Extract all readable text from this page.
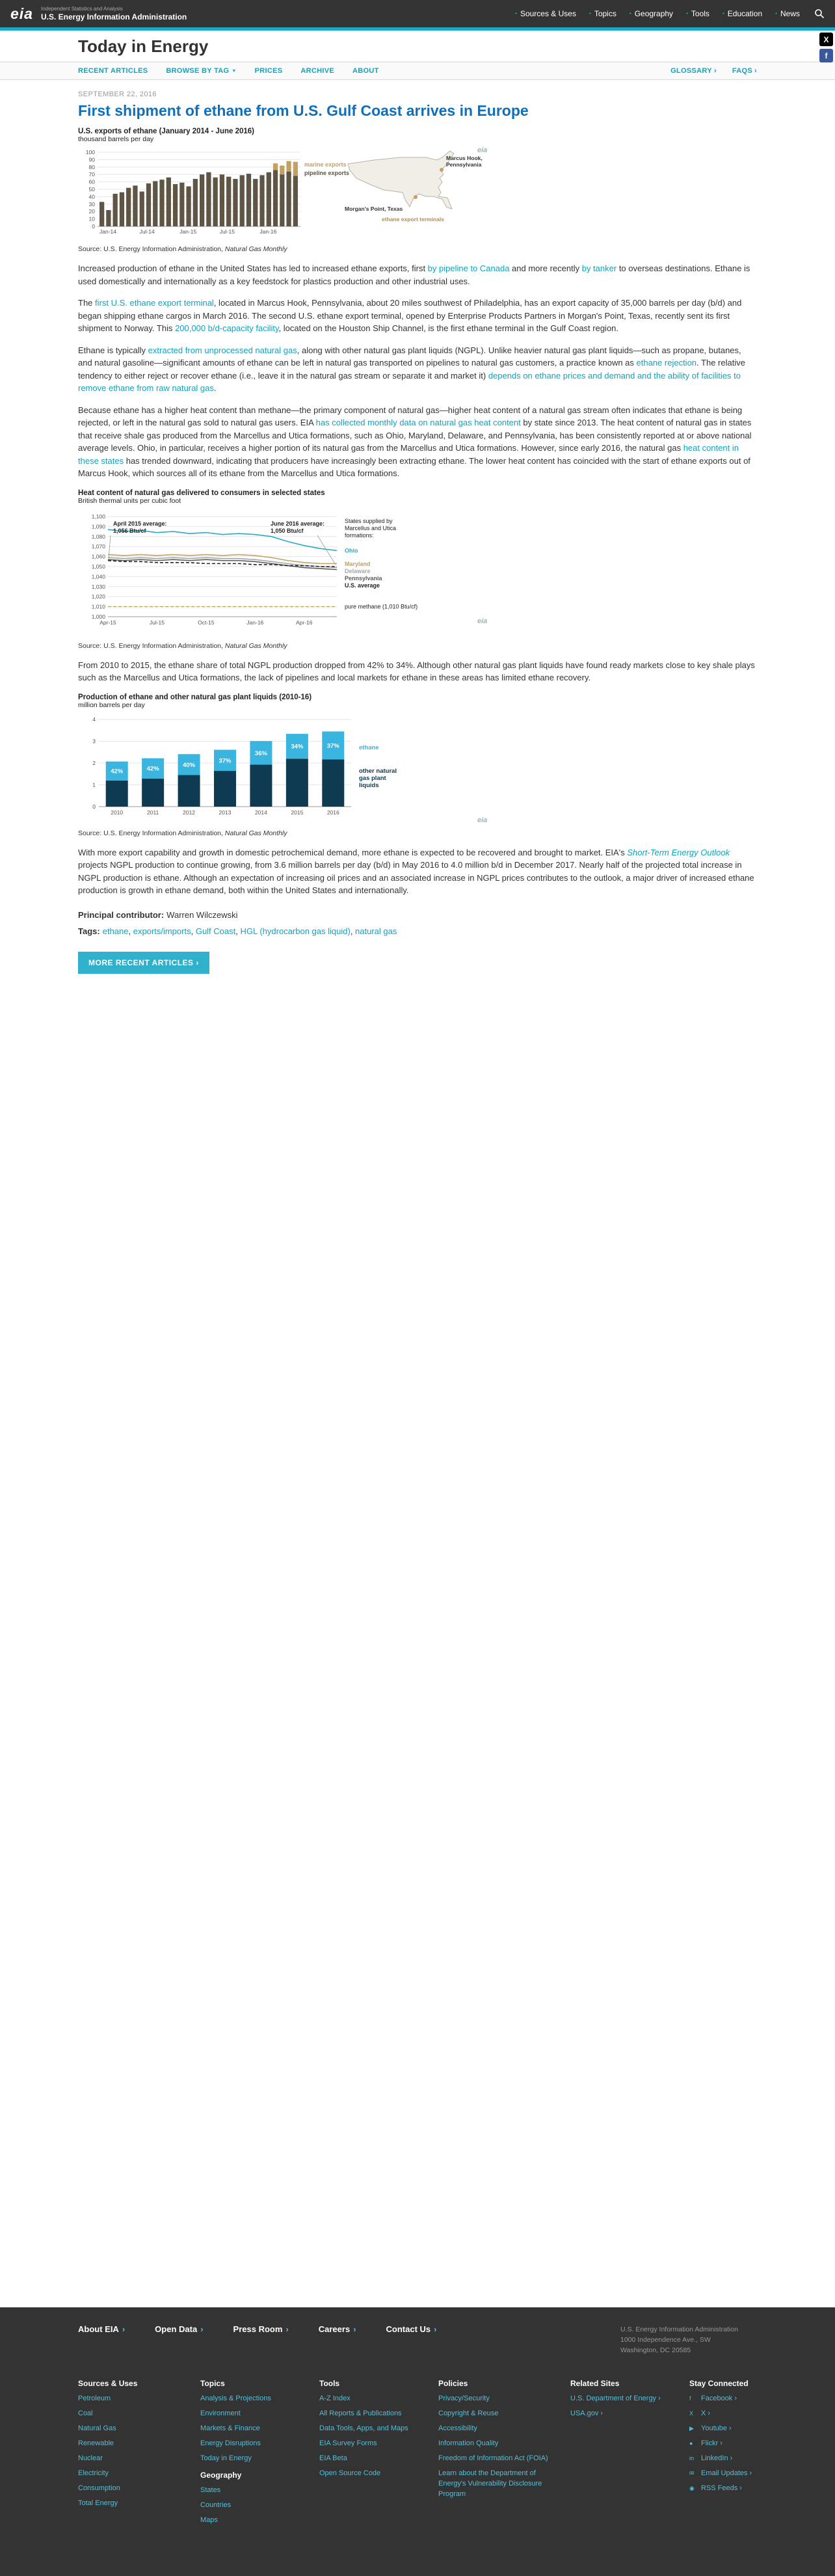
eia Independent Statistics and Analysis
U.S. Energy Information Administration	▪ Sources & Uses	▪ Topics	▪ Geography	▪ Tools	▪ Education	▪ News
X
f
Today in Energy
RECENT ARTICLES	BROWSE BY TAG ▼	PRICES	ARCHIVE	ABOUT	GLOSSARY › FAQS ›
SEPTEMBER 22, 2016
First shipment of ethane from U.S. Gulf Coast arrives in Europe
U.S. exports of ethane (January 2014 - June 2016)
thousand barrels per day
0
10
20
30
40
50
60
70
80
90
100
Jan-14	Jul-14	Jan-15	Jul-15	Jan-16
marine exports
pipeline exports
eia
Marcus Hook,
Pennsylvania
Morgan's Point, Texas
ethane export terminals
Source: U.S. Energy Information Administration, Natural Gas Monthly

Increased production of ethane in the United States has led to increased ethane exports, first by pipeline to Canada and more recently by tanker to overseas destinations. Ethane is used domestically and internationally as a key feedstock for plastics production and other industrial uses.

The first U.S. ethane export terminal, located in Marcus Hook, Pennsylvania, about 20 miles southwest of Philadelphia, has an export capacity of 35,000 barrels per day (b/d) and began shipping ethane cargos in March 2016. The second U.S. ethane export terminal, opened by Enterprise Products Partners in Morgan's Point, Texas, recently sent its first shipment to Norway. This 200,000 b/d-capacity facility, located on the Houston Ship Channel, is the first ethane terminal in the Gulf Coast region.

Ethane is typically extracted from unprocessed natural gas, along with other natural gas plant liquids (NGPL). Unlike heavier natural gas plant liquids—such as propane, butanes, and natural gasoline—significant amounts of ethane can be left in natural gas transported on pipelines to natural gas customers, a practice known as ethane rejection. The relative tendency to either reject or recover ethane (i.e., leave it in the natural gas stream or separate it and market it) depends on ethane prices and demand and the ability of facilities to remove ethane from raw natural gas.

Because ethane has a higher heat content than methane—the primary component of natural gas—higher heat content of a natural gas stream often indicates that ethane is being rejected, or left in the natural gas sold to natural gas users. EIA has collected monthly data on natural gas heat content by state since 2013. The heat content of natural gas in states that receive shale gas produced from the Marcellus and Utica formations, such as Ohio, Maryland, Delaware, and Pennsylvania, has been consistently reported at or above national average levels. Ohio, in particular, receives a higher portion of its natural gas from the Marcellus and Utica formations. However, since early 2016, the natural gas heat content in these states has trended downward, indicating that producers have increasingly been extracting ethane. The lower heat content has coincided with the start of ethane exports out of Marcus Hook, which sources all of its ethane from the Marcellus and Utica formations.

Heat content of natural gas delivered to consumers in selected states
British thermal units per cubic foot
1,000
1,010
1,020
1,030
1,040
1,050
1,060
1,070
1,080
1,090
1,100
Apr-15	Jul-15	Oct-15	Jan-16	Apr-16
April 2015 average:
1,056 Btu/cf
June 2016 average:
1,050 Btu/cf
States supplied by
Marcellus and Utica
formations:
Ohio
Maryland
Delaware
Pennsylvania
U.S. average
pure methane (1,010 Btu/cf)
eia
Source: U.S. Energy Information Administration, Natural Gas Monthly

From 2010 to 2015, the ethane share of total NGPL production dropped from 42% to 34%. Although other natural gas plant liquids have found ready markets close to key shale plays such as the Marcellus and Utica formations, the lack of pipelines and local markets for ethane in these areas has limited ethane recovery.

Production of ethane and other natural gas plant liquids (2010-16)
million barrels per day
0
1
2
3
4
42%
2010
42%
2011
40%
2012
37%
2013
36%
2014
34%
2015
37%
2016
ethane
other natural
gas plant
liquids
eia
Source: U.S. Energy Information Administration, Natural Gas Monthly

With more export capability and growth in domestic petrochemical demand, more ethane is expected to be recovered and brought to market. EIA's Short-Term Energy Outlook projects NGPL production to continue growing, from 3.6 million barrels per day (b/d) in May 2016 to 4.0 million b/d in December 2017. Nearly half of the projected total increase in NGPL production is ethane. Although an expectation of increasing oil prices and an associated increase in NGPL prices contributes to the outlook, a major driver of increased ethane production is growth in ethane demand, both within the United States and internationally.

Principal contributor: Warren Wilczewski
Tags: ethane, exports/imports, Gulf Coast, HGL (hydrocarbon gas liquid), natural gas
MORE RECENT ARTICLES ›
About EIA ›	Open Data ›	Press Room ›	Careers ›	Contact Us ›	U.S. Energy Information Administration
1000 Independence Ave., SW
Washington, DC 20585
Sources & Uses
Petroleum
Coal
Natural Gas
Renewable
Nuclear
Electricity
Consumption
Total Energy
Topics
Analysis & Projections
Environment
Markets & Finance
Energy Disruptions
Today in Energy
Geography
States
Countries
Maps
Tools
A-Z Index
All Reports & Publications
Data Tools, Apps, and Maps
EIA Survey Forms
EIA Beta
Open Source Code
Policies
Privacy/Security
Copyright & Reuse
Accessibility
Information Quality
Freedom of Information Act (FOIA)
Learn about the Department of Energy's Vulnerability Disclosure Program
Related Sites
U.S. Department of Energy ›
USA.gov ›
Stay Connected
f Facebook ›
X X ›
▶ Youtube ›
● Flickr ›
in LinkedIn ›
✉ Email Updates ›
◉ RSS Feeds ›
